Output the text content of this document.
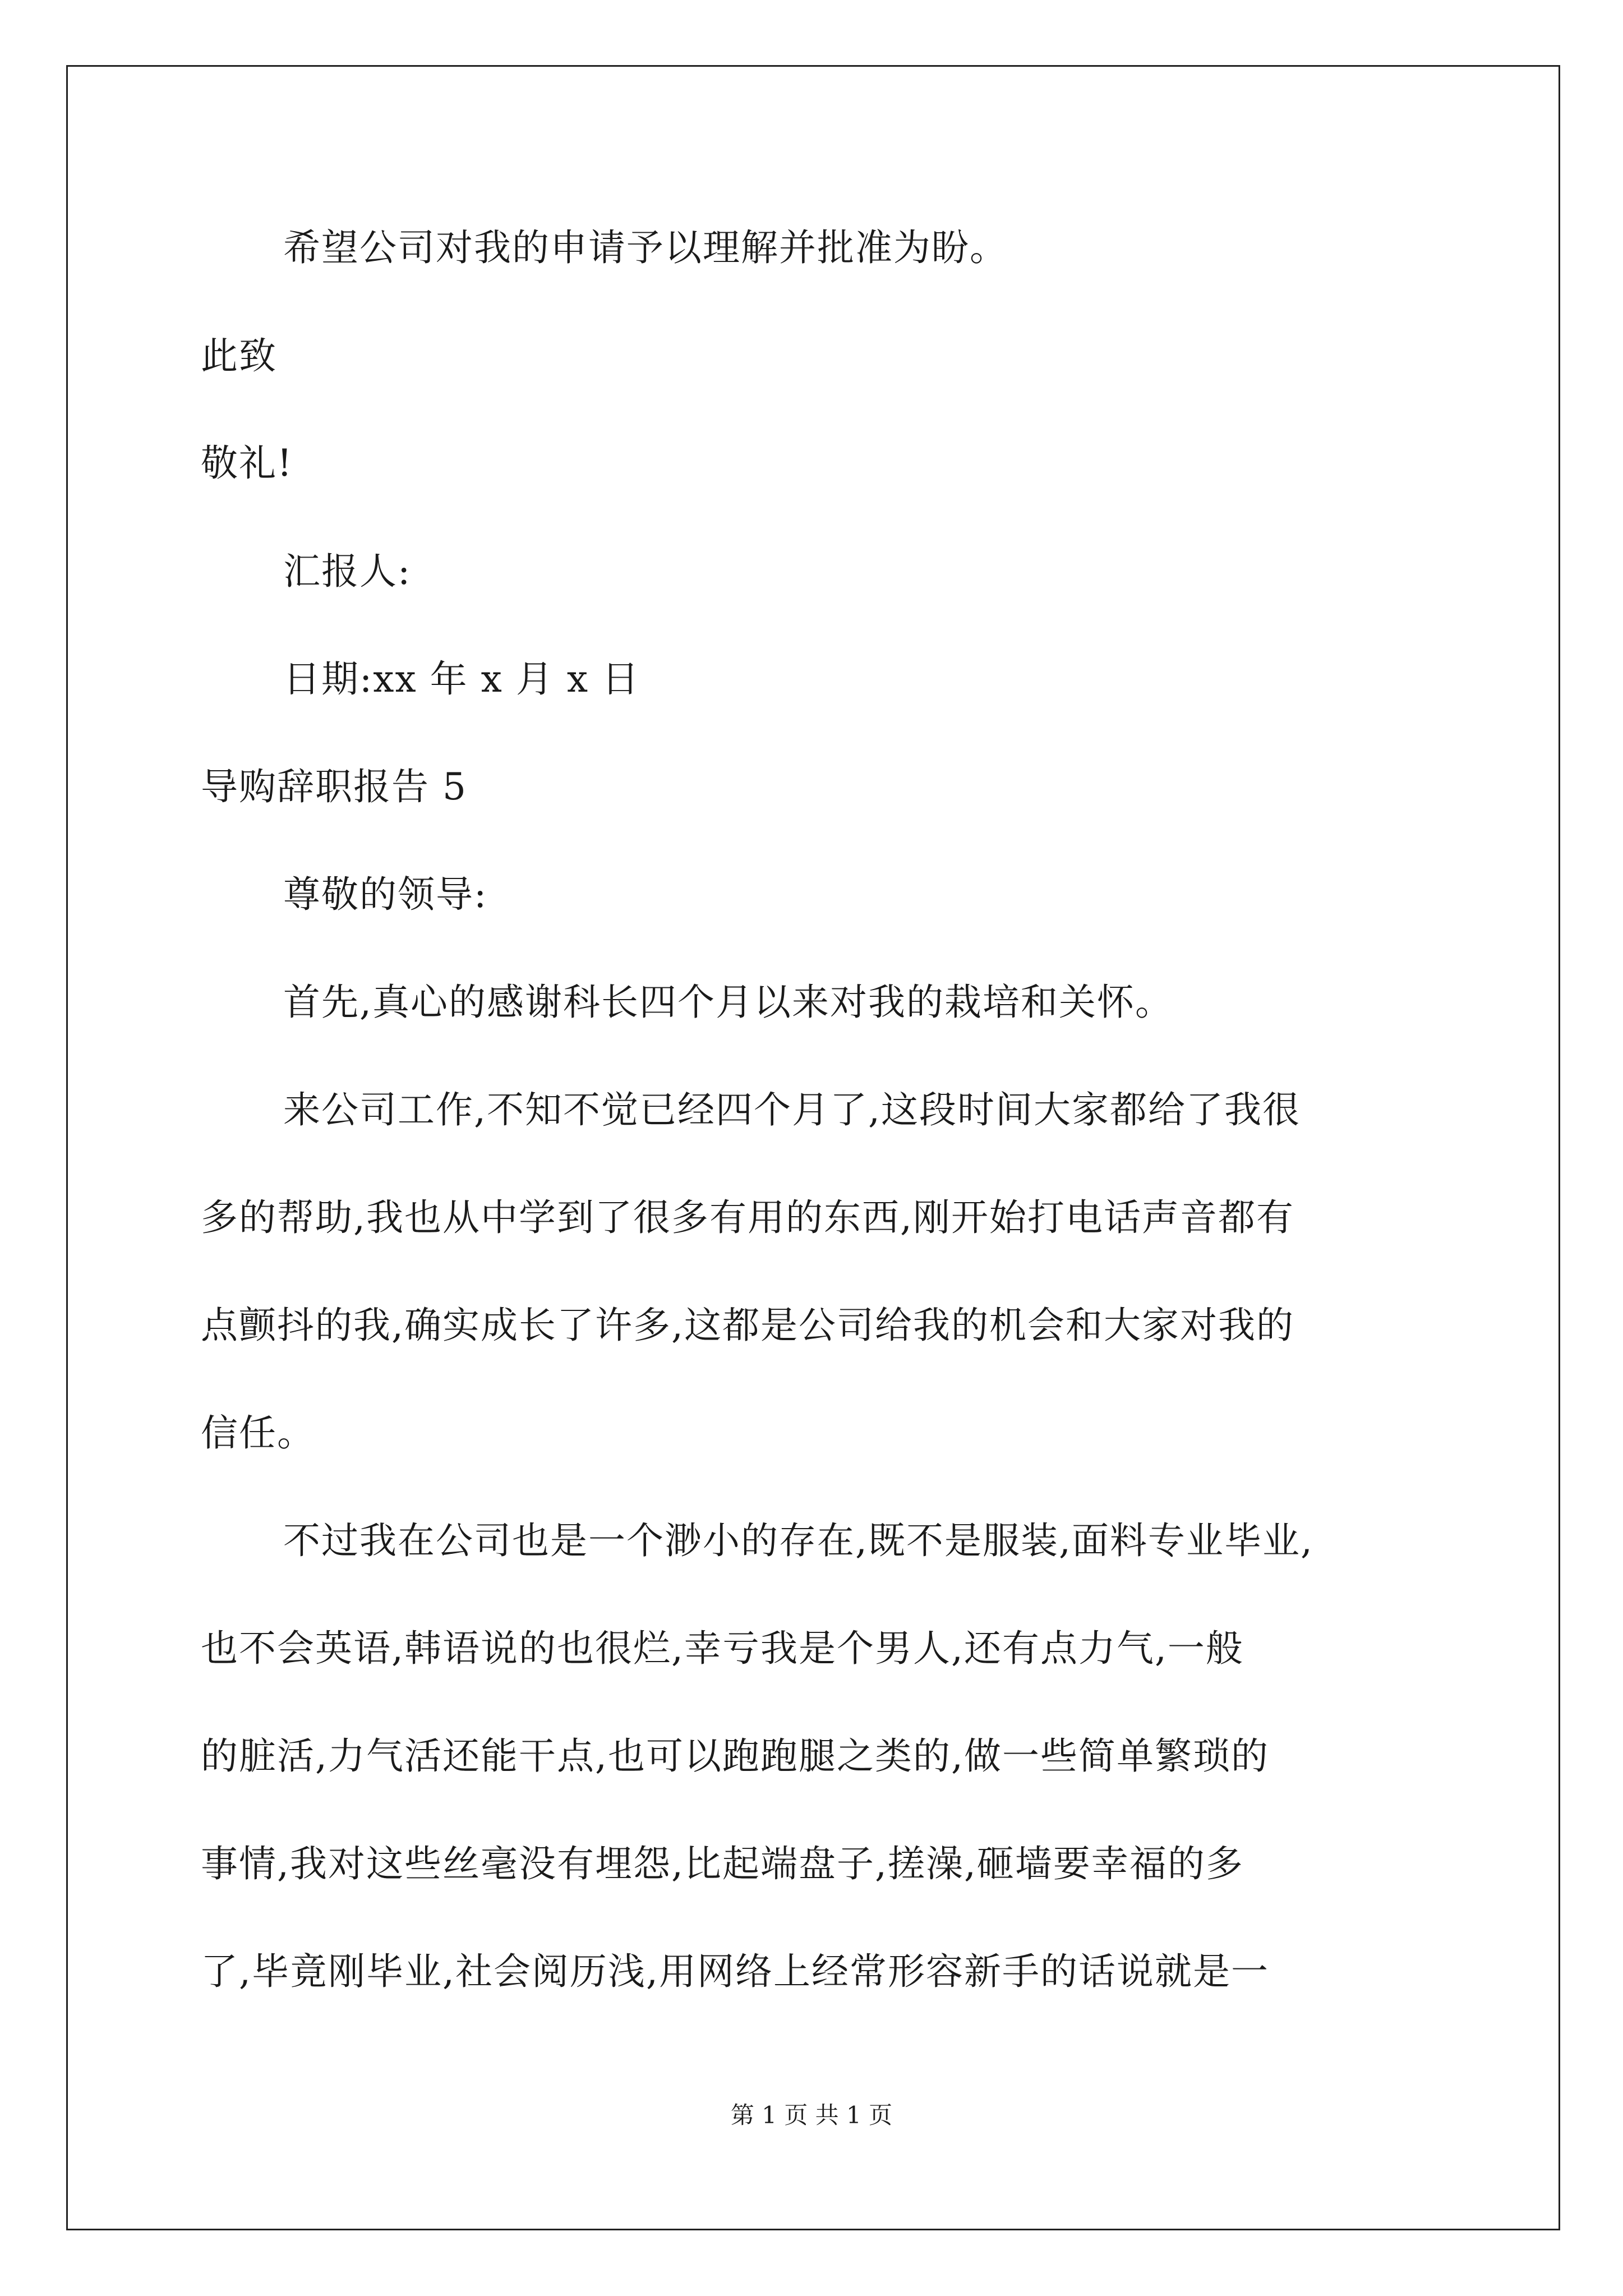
希望公司对我的申请予以理解并批准为盼。
此致
敬礼!
汇报人:
日期:xx 年 x 月 x 日
导购辞职报告 5
尊敬的领导:
首先,真心的感谢科长四个月以来对我的栽培和关怀。
来公司工作,不知不觉已经四个月了,这段时间大家都给了我很
多的帮助,我也从中学到了很多有用的东西,刚开始打电话声音都有
点颤抖的我,确实成长了许多,这都是公司给我的机会和大家对我的
信任。
不过我在公司也是一个渺小的存在,既不是服装,面料专业毕业,
也不会英语,韩语说的也很烂,幸亏我是个男人,还有点力气,一般
的脏活,力气活还能干点,也可以跑跑腿之类的,做一些简单繁琐的
事情,我对这些丝毫没有埋怨,比起端盘子,搓澡,砸墙要幸福的多
了,毕竟刚毕业,社会阅历浅,用网络上经常形容新手的话说就是一
第 1 页 共 1 页
